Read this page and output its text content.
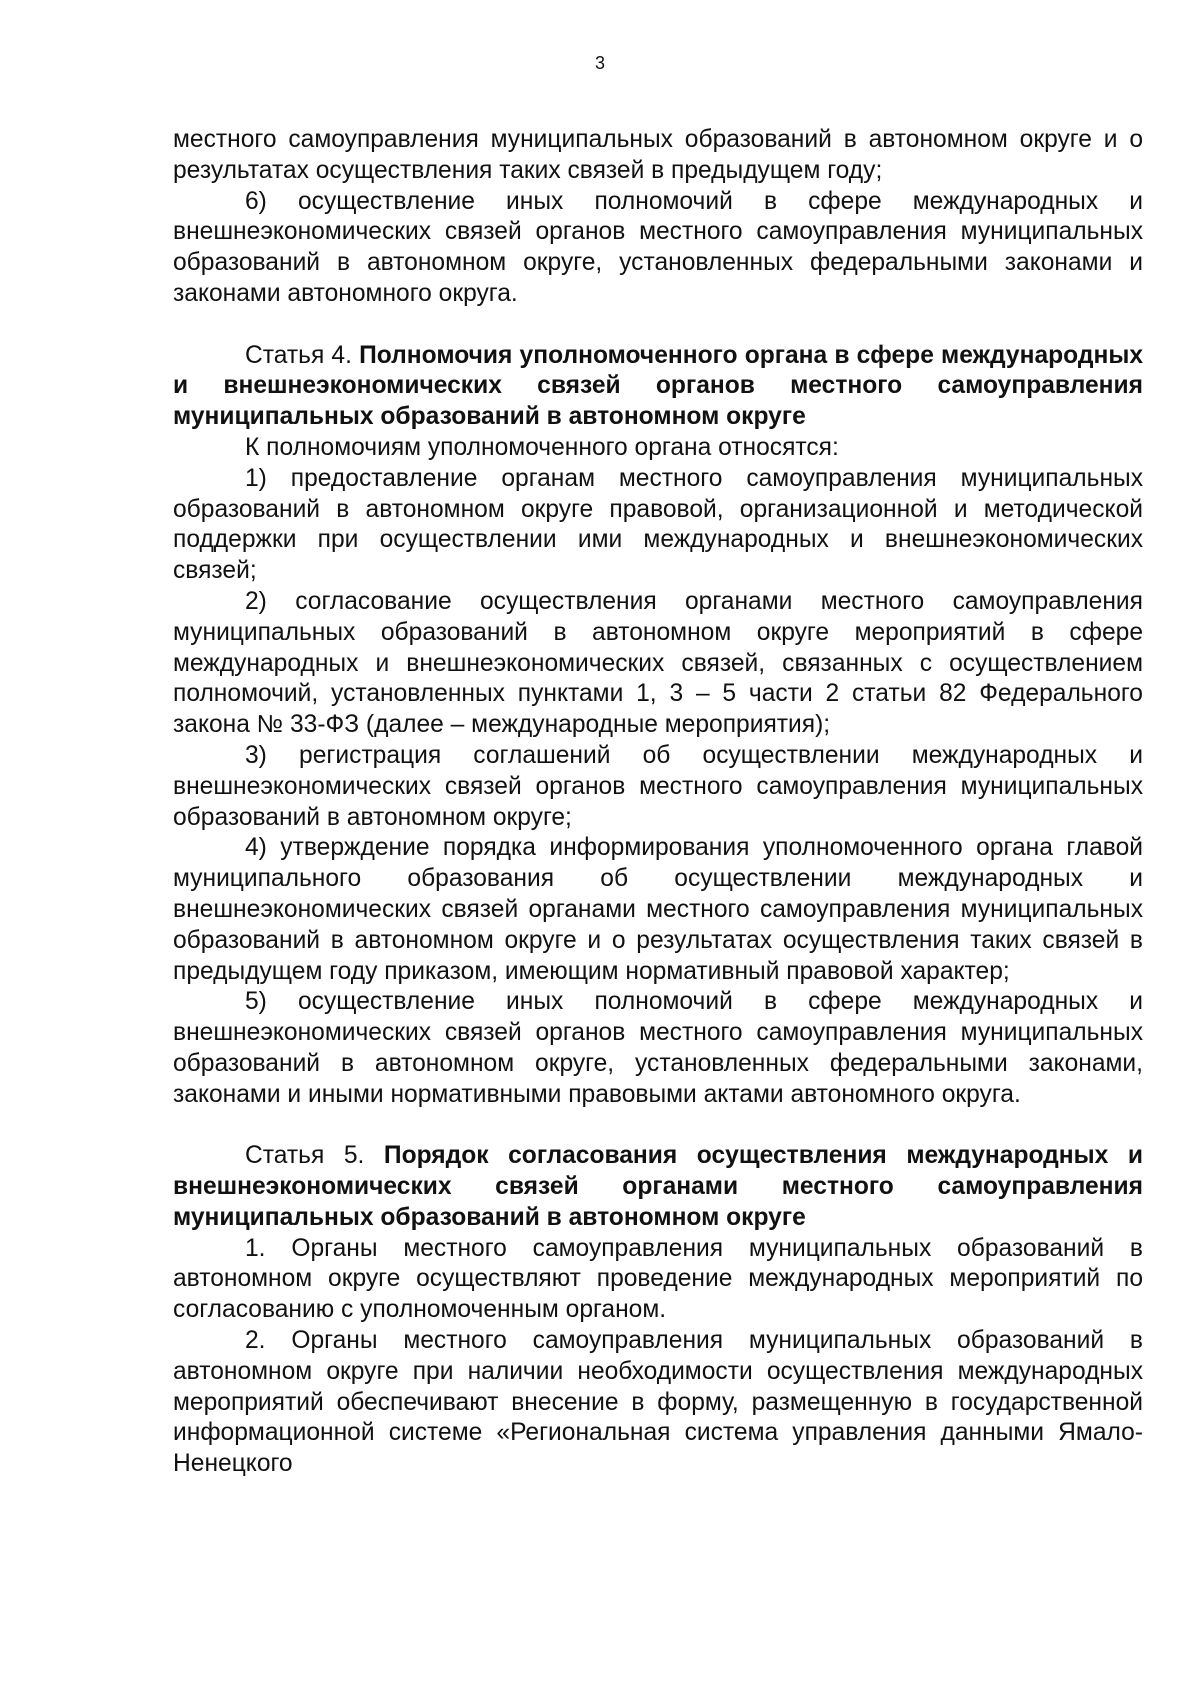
3

местного самоуправления муниципальных образований в автономном округе и о результатах осуществления таких связей в предыдущем году;

6) осуществление иных полномочий в сфере международных и внешнеэкономических связей органов местного самоуправления муниципальных образований в автономном округе, установленных федеральными законами и законами автономного округа.

Статья 4. Полномочия уполномоченного органа в сфере международных и внешнеэкономических связей органов местного самоуправления муниципальных образований в автономном округе

К полномочиям уполномоченного органа относятся:

1) предоставление органам местного самоуправления муниципальных образований в автономном округе правовой, организационной и методической поддержки при осуществлении ими международных и внешнеэкономических связей;

2) согласование осуществления органами местного самоуправления муниципальных образований в автономном округе мероприятий в сфере международных и внешнеэкономических связей, связанных с осуществлением полномочий, установленных пунктами 1, 3 – 5 части 2 статьи 82 Федерального закона № 33-ФЗ (далее – международные мероприятия);

3) регистрация соглашений об осуществлении международных и внешнеэкономических связей органов местного самоуправления муниципальных образований в автономном округе;

4) утверждение порядка информирования уполномоченного органа главой муниципального образования об осуществлении международных и внешнеэкономических связей органами местного самоуправления муниципальных образований в автономном округе и о результатах осуществления таких связей в предыдущем году приказом, имеющим нормативный правовой характер;

5) осуществление иных полномочий в сфере международных и внешнеэкономических связей органов местного самоуправления муниципальных образований в автономном округе, установленных федеральными законами, законами и иными нормативными правовыми актами автономного округа.

Статья 5. Порядок согласования осуществления международных и внешнеэкономических связей органами местного самоуправления муниципальных образований в автономном округе

1. Органы местного самоуправления муниципальных образований в автономном округе осуществляют проведение международных мероприятий по согласованию с уполномоченным органом.

2. Органы местного самоуправления муниципальных образований в автономном округе при наличии необходимости осуществления международных мероприятий обеспечивают внесение в форму, размещенную в государственной информационной системе «Региональная система управления данными Ямало-Ненецкого
